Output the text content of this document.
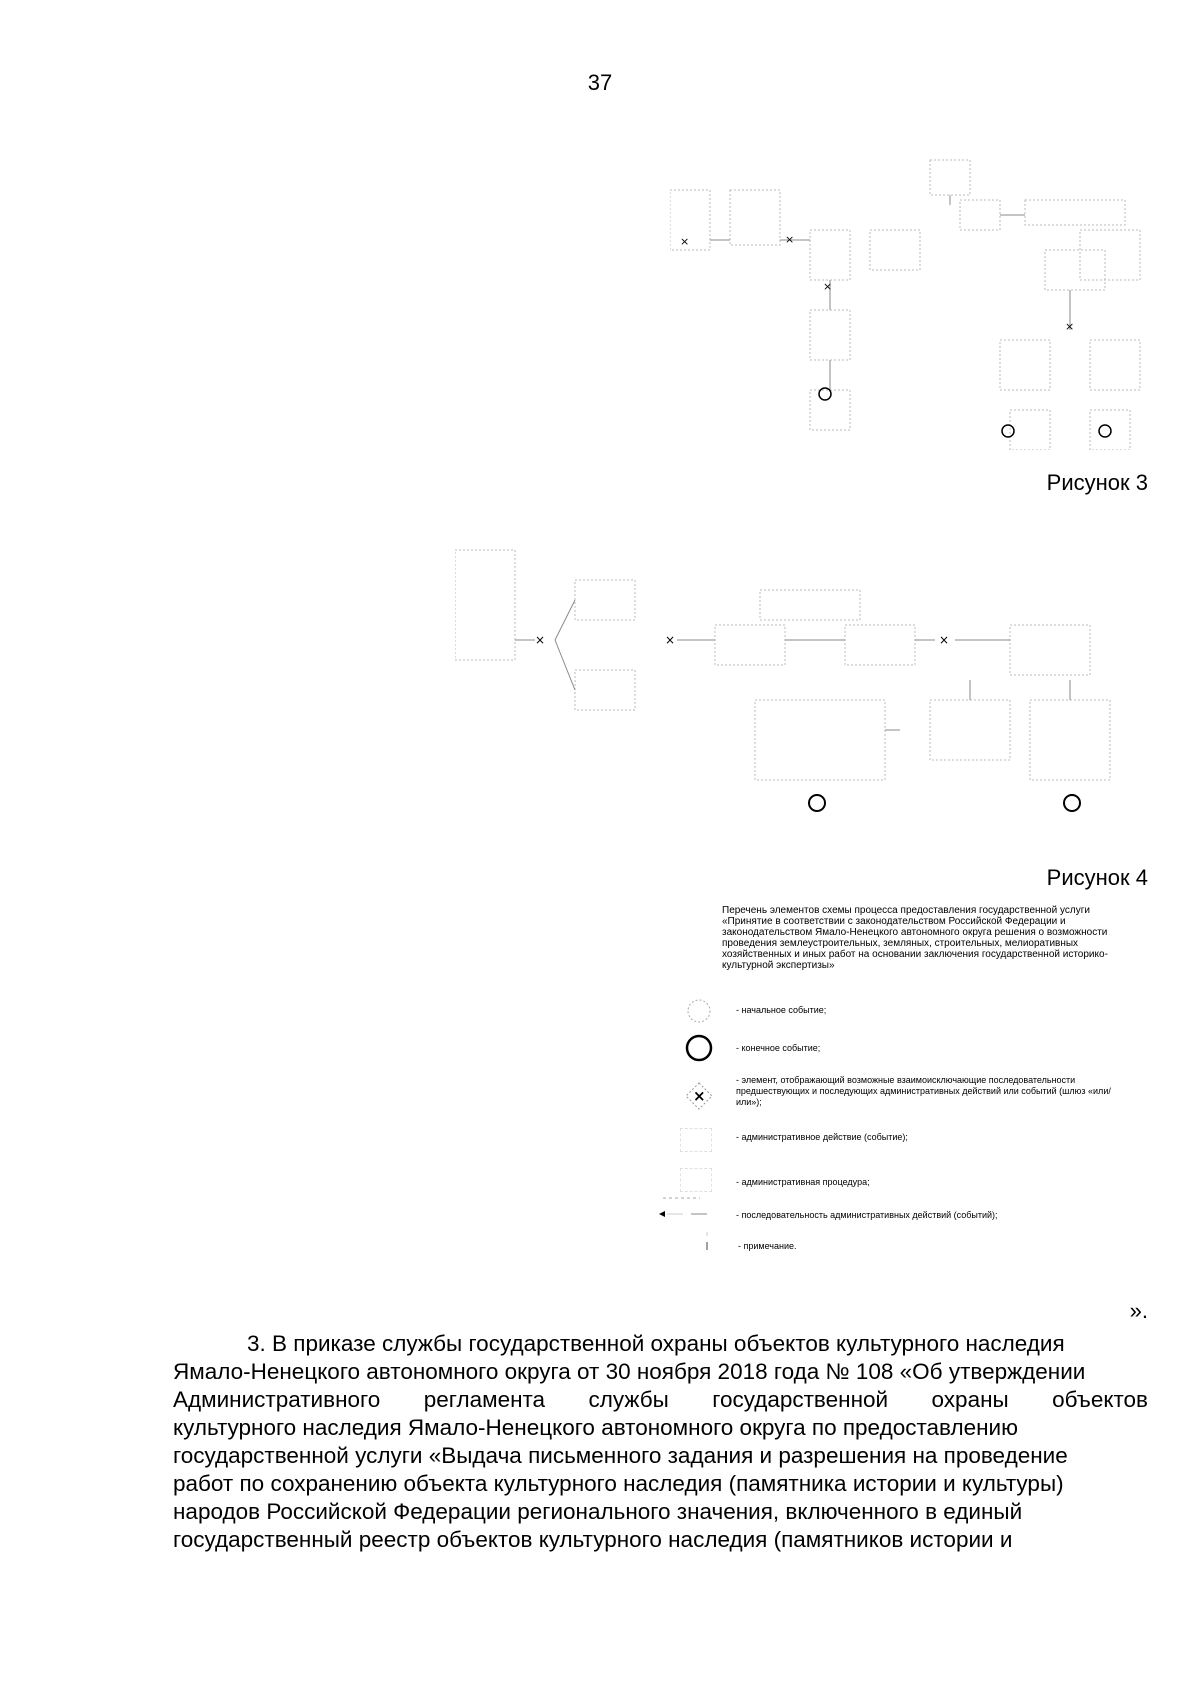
37
×	×
×
×
Рисунок 3
×	×	×
Рисунок 4
Перечень элементов схемы процесса предоставления государственной услуги «Принятие в соответствии с законодательством Российской Федерации и законодательством Ямало-Ненецкого автономного округа решения о возможности проведения землеустроительных, земляных, строительных, мелиоративных хозяйственных и иных работ на основании заключения государственной историко-культурной экспертизы»
- начальное событие;
- конечное событие;
×
- элемент, отображающий возможные взаимоисключающие последовательности предшествующих и последующих административных действий или событий (шлюз «или/или»);
- административное действие (событие);
- административная процедура;
- последовательность административных действий (событий);
- примечание.
».
3. В приказе службы государственной охраны объектов культурного наследия
Ямало-Ненецкого автономного округа от 30 ноября 2018 года № 108 «Об утверждении
Административного регламента службы государственной охраны объектов
культурного наследия Ямало-Ненецкого автономного округа по предоставлению
государственной услуги «Выдача письменного задания и разрешения на проведение
работ по сохранению объекта культурного наследия (памятника истории и культуры)
народов Российской Федерации регионального значения, включенного в единый
государственный реестр объектов культурного наследия (памятников истории и
